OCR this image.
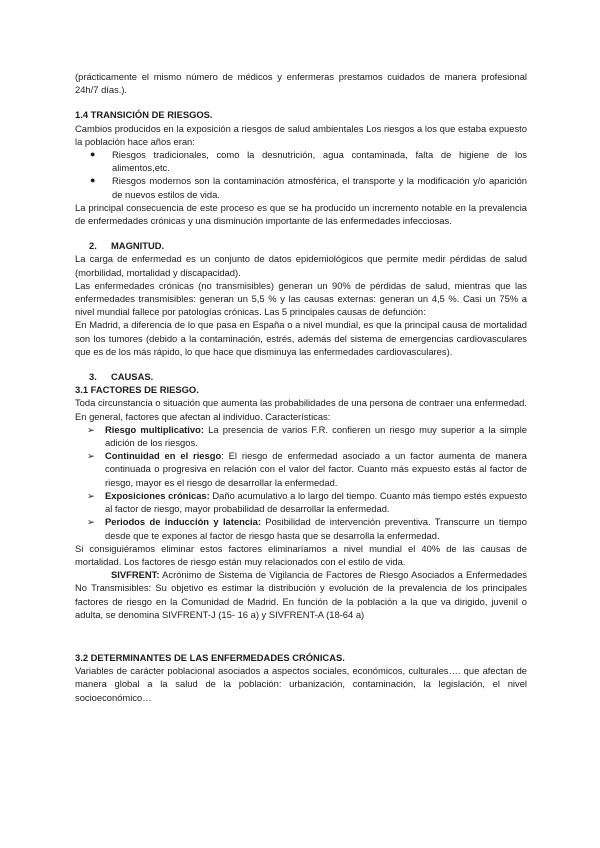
(prácticamente el mismo número de médicos y enfermeras prestamos cuidados de manera profesional 24h/7 días.).

1.4 TRANSICIÓN DE RIESGOS.

Cambios producidos en la exposición a riesgos de salud ambientales Los riesgos a los que estaba expuesto la población hace años eran:

● Riesgos tradicionales, como la desnutrición, agua contaminada, falta de higiene de los alimentos,etc.
● Riesgos modernos son la contaminación atmosférica, el transporte y la modificación y/o aparición de nuevos estilos de vida.

La principal consecuencia de este proceso es que se ha producido un incremento notable en la prevalencia de enfermedades crónicas y una disminución importante de las enfermedades infecciosas.

2. MAGNITUD.

La carga de enfermedad es un conjunto de datos epidemiológicos que permite medir pérdidas de salud (morbilidad, mortalidad y discapacidad).

Las enfermedades crónicas (no transmisibles) generan un 90% de pérdidas de salud, mientras que las enfermedades transmisibles: generan un 5,5 % y las causas externas: generan un 4,5 %. Casi un 75% a nivel mundial fallece por patologías crónicas. Las 5 principales causas de defunción:

En Madrid, a diferencia de lo que pasa en España o a nivel mundial, es que la principal causa de mortalidad son los tumores (debido a la contaminación, estrés, además del sistema de emergencias cardiovasculares que es de los más rápido, lo que hace que disminuya las enfermedades cardiovasculares).

3. CAUSAS.

3.1 FACTORES DE RIESGO.

Toda circunstancia o situación que aumenta las probabilidades de una persona de contraer una enfermedad. En general, factores que afectan al individuo. Características:

➢ Riesgo multiplicativo: La presencia de varios F.R. confieren un riesgo muy superior a la simple adición de los riesgos.
➢ Continuidad en el riesgo: El riesgo de enfermedad asociado a un factor aumenta de manera continuada o progresiva en relación con el valor del factor. Cuanto más expuesto estás al factor de riesgo, mayor es el riesgo de desarrollar la enfermedad.
➢ Exposiciones crónicas: Daño acumulativo a lo largo del tiempo. Cuanto más tiempo estés expuesto al factor de riesgo, mayor probabilidad de desarrollar la enfermedad.
➢ Periodos de inducción y latencia: Posibilidad de intervención preventiva. Transcurre un tiempo desde que te expones al factor de riesgo hasta que se desarrolla la enfermedad.

Si consiguiéramos eliminar estos factores eliminaríamos a nivel mundial el 40% de las causas de mortalidad. Los factores de riesgo están muy relacionados con el estilo de vida.

SIVFRENT: Acrónimo de Sistema de Vigilancia de Factores de Riesgo Asociados a Enfermedades No Transmisibles: Su objetivo es estimar la distribución y evolución de la prevalencia de los principales factores de riesgo en la Comunidad de Madrid. En función de la población a la que va dirigido, juvenil o adulta, se denomina SIVFRENT-J (15- 16 a) y SIVFRENT-A (18-64 a)

3.2 DETERMINANTES DE LAS ENFERMEDADES CRÓNICAS.

Variables de carácter poblacional asociados a aspectos sociales, económicos, culturales…. que afectan de manera global a la salud de la población: urbanización, contaminación, la legislación, el nivel socioeconómico…
